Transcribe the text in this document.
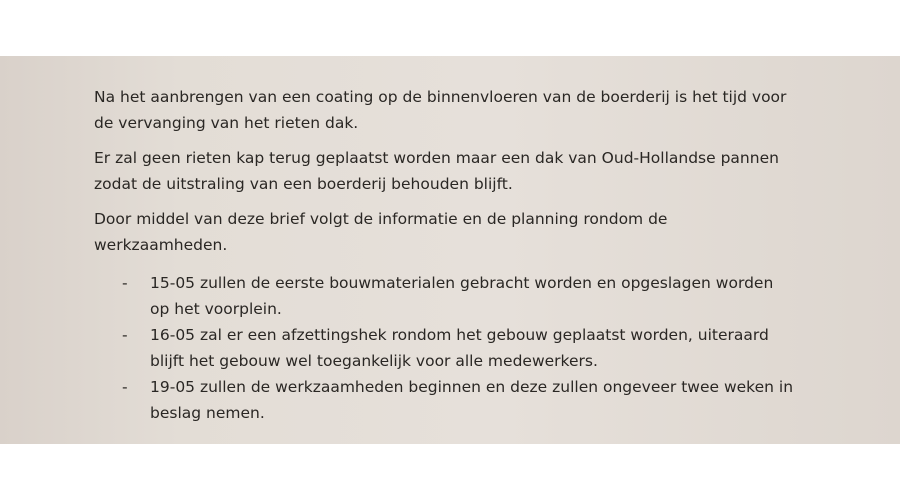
Na het aanbrengen van een coating op de binnenvloeren van de boerderij is het tijd voor de vervanging van het rieten dak.

Er zal geen rieten kap terug geplaatst worden maar een dak van Oud-Hollandse pannen zodat de uitstraling van een boerderij behouden blijft.

Door middel van deze brief volgt de informatie en de planning rondom de werkzaamheden.

- 15-05 zullen de eerste bouwmaterialen gebracht worden en opgeslagen worden op het voorplein.
- 16-05 zal er een afzettingshek rondom het gebouw geplaatst worden, uiteraard blijft het gebouw wel toegankelijk voor alle medewerkers.
- 19-05 zullen de werkzaamheden beginnen en deze zullen ongeveer twee weken in beslag nemen.
